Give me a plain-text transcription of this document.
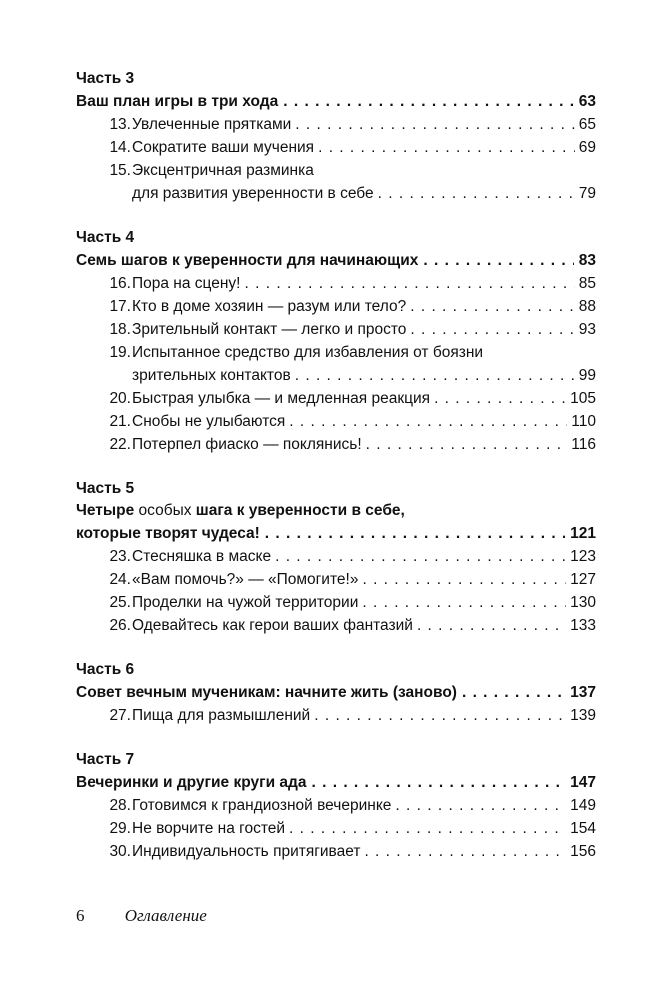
Часть 3
Ваш план игры в три хода . . .	63
13. Увлеченные прятками . . .	65
14. Сократите ваши мучения . . .	69
15. Эксцентричная разминка
для развития уверенности в себе . . .	79
Часть 4
Семь шагов к уверенности для начинающих . . .	83
16. Пора на сцену! . . .	85
17. Кто в доме хозяин — разум или тело? . . .	88
18. Зрительный контакт — легко и просто . . .	93
19. Испытанное средство для избавления от боязни
зрительных контактов . . .	99
20. Быстрая улыбка — и медленная реакция . . .	105
21. Снобы не улыбаются . . .	110
22. Потерпел фиаско — поклянись! . . .	116
Часть 5
Четыре особых шага к уверенности в себе,
которые творят чудеса! . . .	121
23. Стесняшка в маске . . .	123
24. «Вам помочь?» — «Помогите!» . . .	127
25. Проделки на чужой территории . . .	130
26. Одевайтесь как герои ваших фантазий . . .	133
Часть 6
Совет вечным мученикам: начните жить (заново) . . .	137
27. Пища для размышлений . . .	139
Часть 7
Вечеринки и другие круги ада . . .	147
28. Готовимся к грандиозной вечеринке . . .	149
29. Не ворчите на гостей . . .	154
30. Индивидуальность притягивает . . .	156
6 Оглавление
